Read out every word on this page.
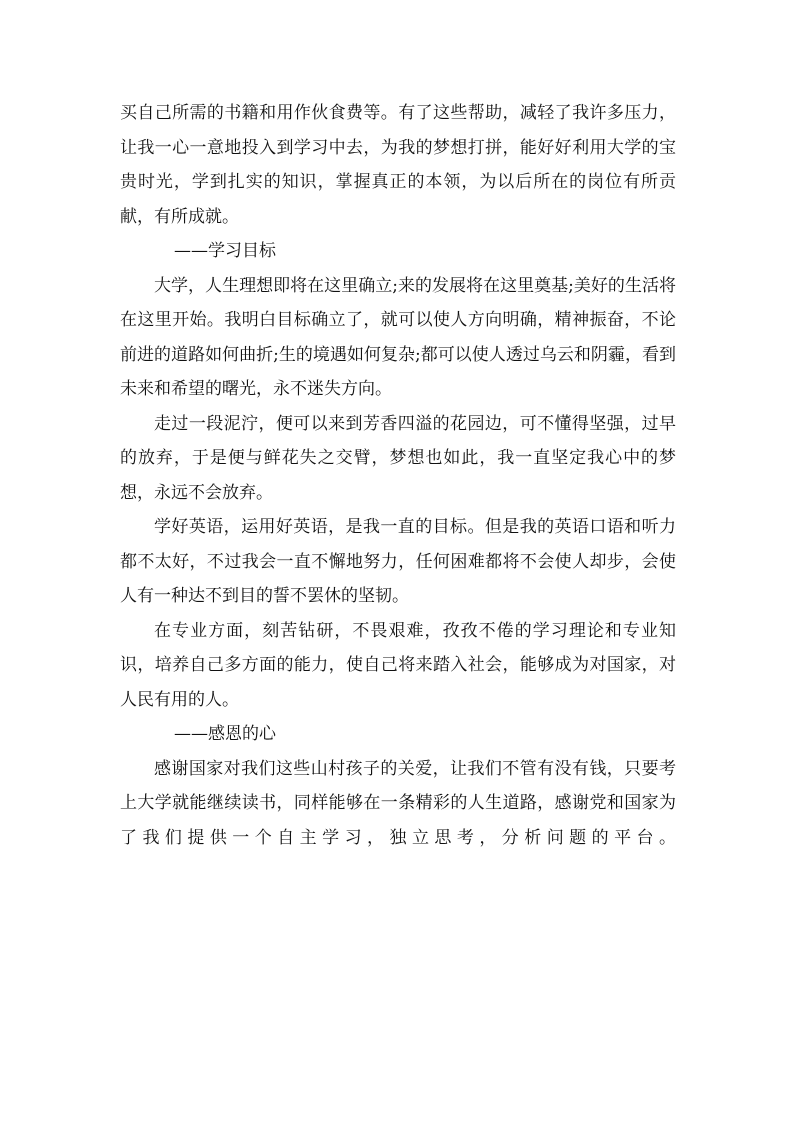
买自己所需的书籍和用作伙食费等。有了这些帮助，减轻了我许多压力，让我一心一意地投入到学习中去，为我的梦想打拼，能好好利用大学的宝贵时光，学到扎实的知识，掌握真正的本领，为以后所在的岗位有所贡献，有所成就。

——学习目标

大学，人生理想即将在这里确立;来的发展将在这里奠基;美好的生活将在这里开始。我明白目标确立了，就可以使人方向明确，精神振奋，不论前进的道路如何曲折;生的境遇如何复杂;都可以使人透过乌云和阴霾，看到未来和希望的曙光，永不迷失方向。

走过一段泥泞，便可以来到芳香四溢的花园边，可不懂得坚强，过早的放弃，于是便与鲜花失之交臂，梦想也如此，我一直坚定我心中的梦想，永远不会放弃。

学好英语，运用好英语，是我一直的目标。但是我的英语口语和听力都不太好，不过我会一直不懈地努力，任何困难都将不会使人却步，会使人有一种达不到目的誓不罢休的坚韧。

在专业方面，刻苦钻研，不畏艰难，孜孜不倦的学习理论和专业知识，培养自己多方面的能力，使自己将来踏入社会，能够成为对国家，对人民有用的人。

——感恩的心

感谢国家对我们这些山村孩子的关爱，让我们不管有没有钱，只要考上大学就能继续读书，同样能够在一条精彩的人生道路，感谢党和国家为了我们提供一个自主学习，独立思考，分析问题的平台。
